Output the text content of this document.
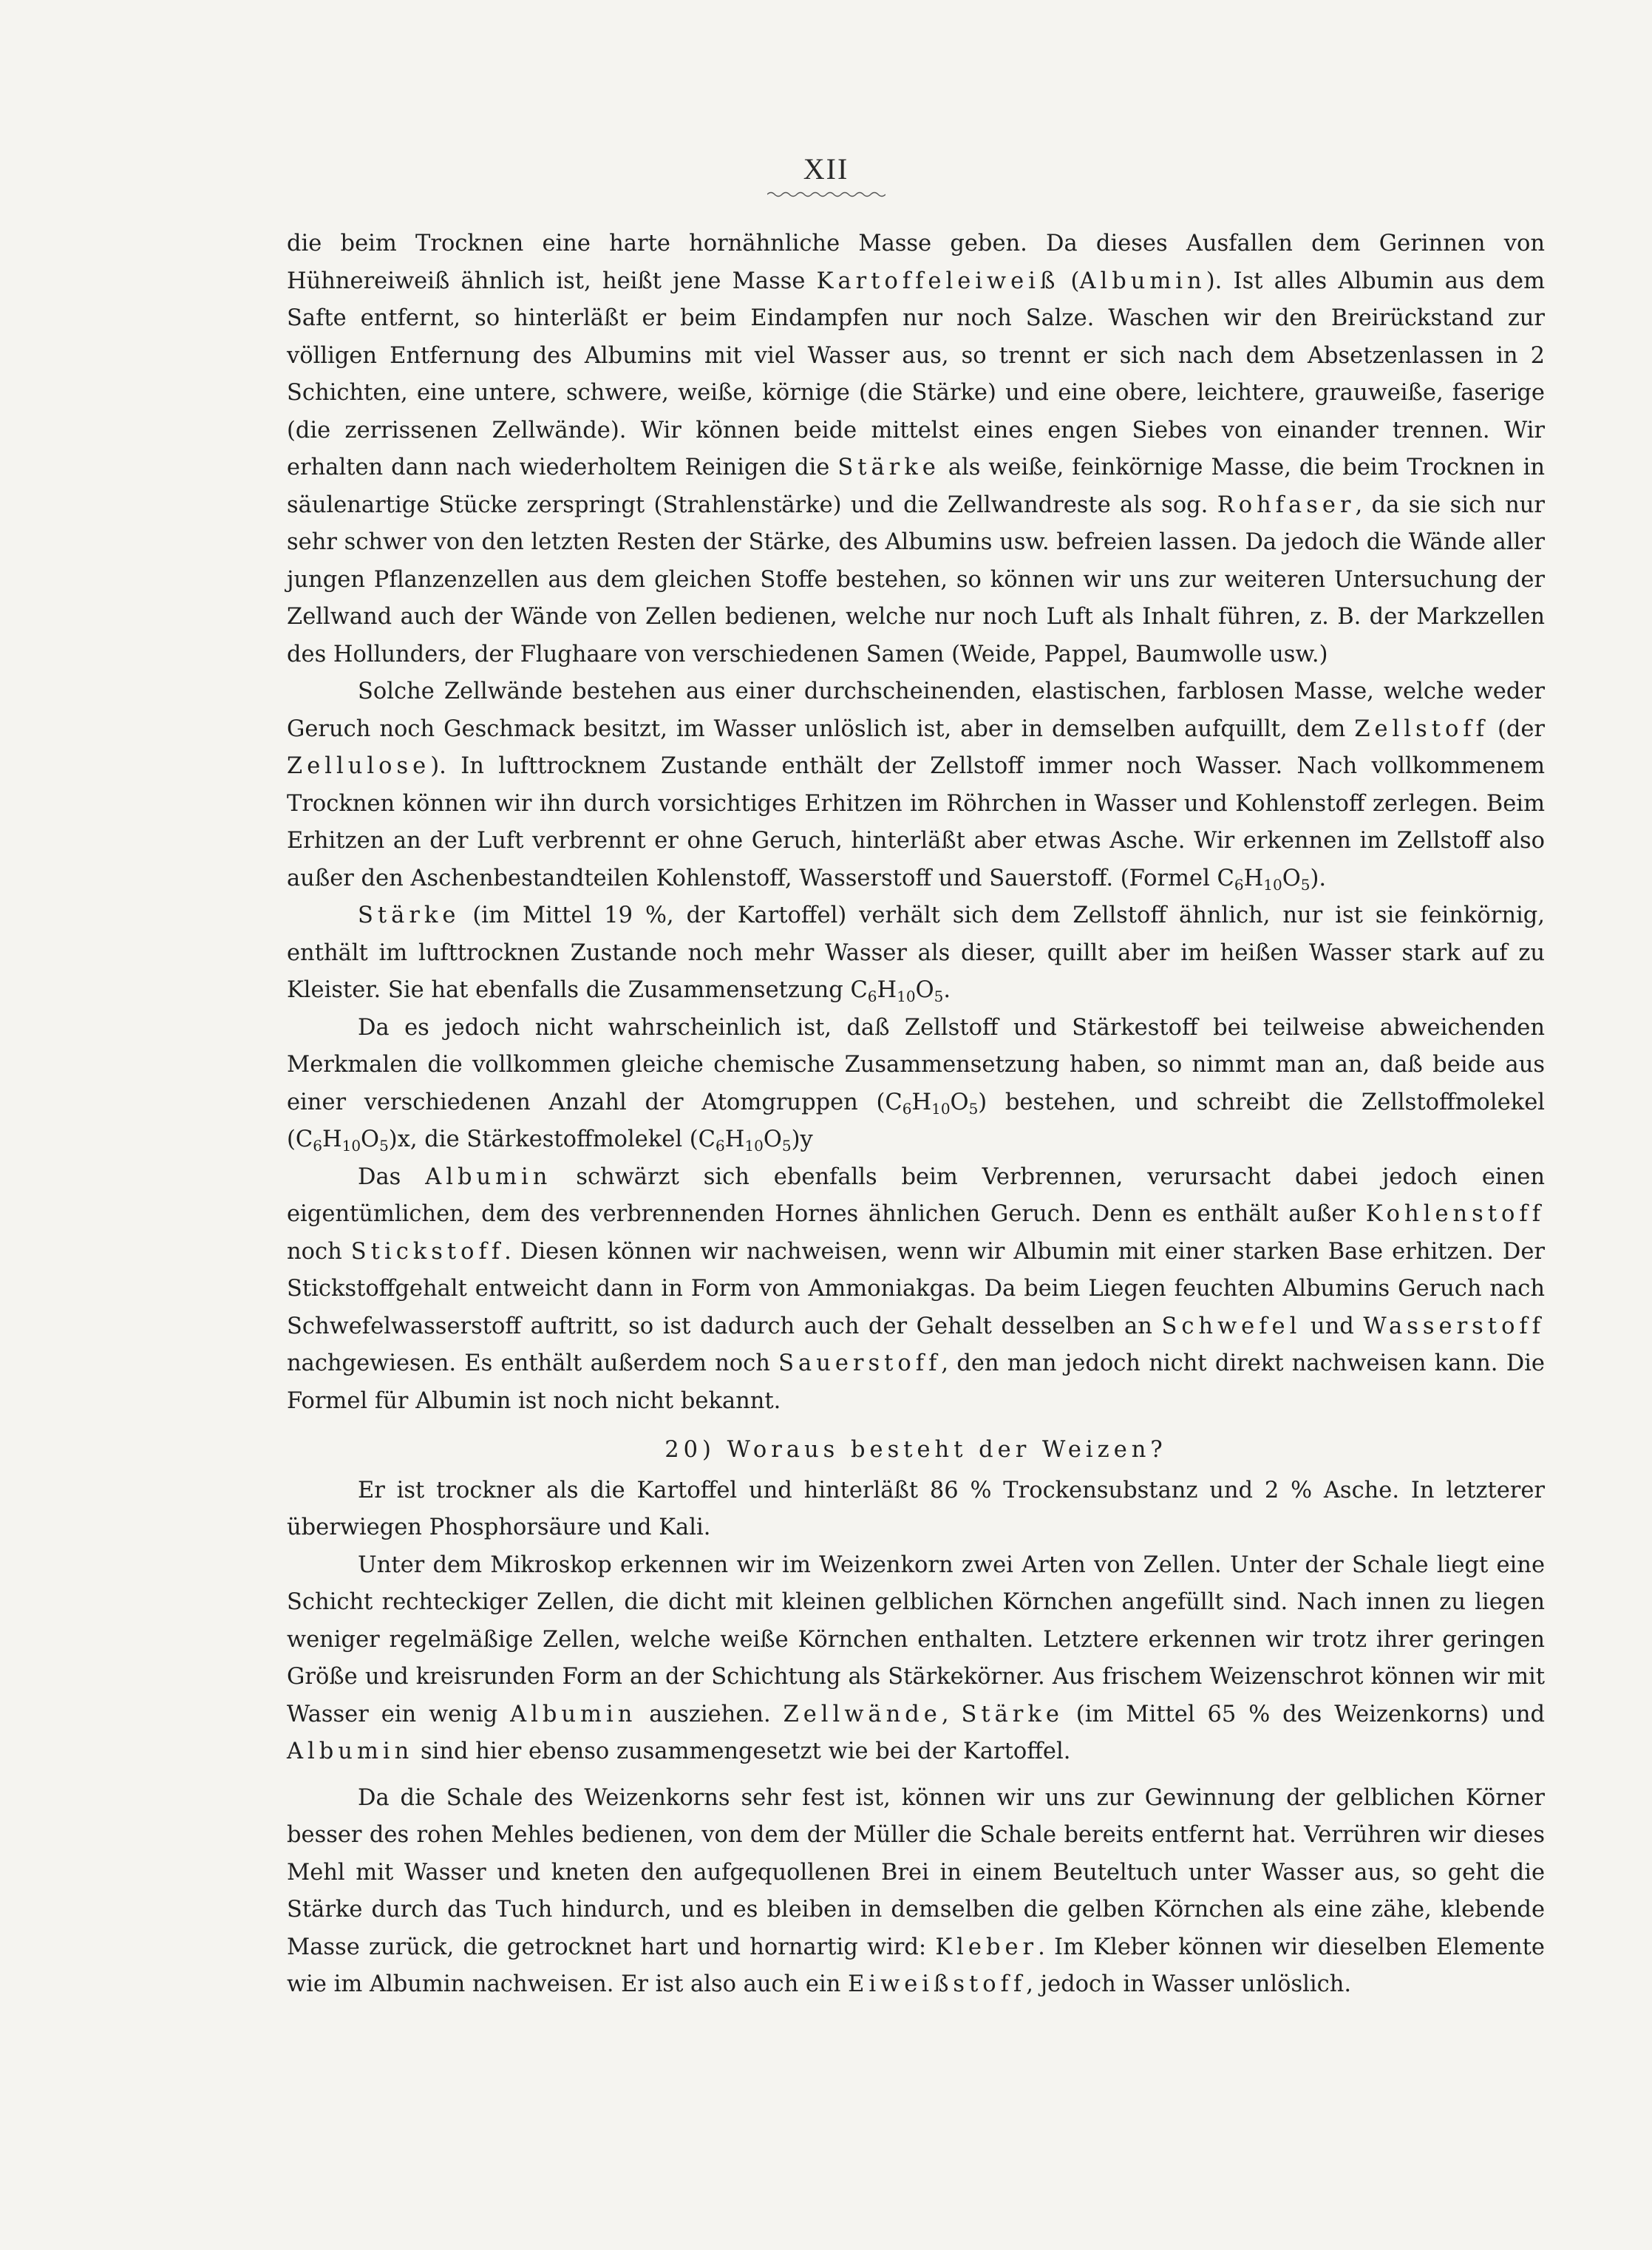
XII

die beim Trocknen eine harte hornähnliche Masse geben. Da dieses Ausfallen dem Gerinnen von Hühnereiweiß ähnlich ist, heißt jene Masse Kartoffeleiweiß (Albumin). Ist alles Albumin aus dem Safte entfernt, so hinterläßt er beim Eindampfen nur noch Salze. Waschen wir den Breirückstand zur völligen Entfernung des Albumins mit viel Wasser aus, so trennt er sich nach dem Absetzenlassen in 2 Schichten, eine untere, schwere, weiße, körnige (die Stärke) und eine obere, leichtere, grauweiße, faserige (die zerrissenen Zellwände). Wir können beide mittelst eines engen Siebes von einander trennen. Wir erhalten dann nach wiederholtem Reinigen die Stärke als weiße, feinkörnige Masse, die beim Trocknen in säulenartige Stücke zerspringt (Strahlenstärke) und die Zellwandreste als sog. Rohfaser, da sie sich nur sehr schwer von den letzten Resten der Stärke, des Albumins usw. befreien lassen. Da jedoch die Wände aller jungen Pflanzenzellen aus dem gleichen Stoffe bestehen, so können wir uns zur weiteren Untersuchung der Zellwand auch der Wände von Zellen bedienen, welche nur noch Luft als Inhalt führen, z. B. der Markzellen des Hollunders, der Flughaare von verschiedenen Samen (Weide, Pappel, Baumwolle usw.)

Solche Zellwände bestehen aus einer durchscheinenden, elastischen, farblosen Masse, welche weder Geruch noch Geschmack besitzt, im Wasser unlöslich ist, aber in demselben aufquillt, dem Zellstoff (der Zellulose). In lufttrocknem Zustande enthält der Zellstoff immer noch Wasser. Nach vollkommenem Trocknen können wir ihn durch vorsichtiges Erhitzen im Röhrchen in Wasser und Kohlenstoff zerlegen. Beim Erhitzen an der Luft verbrennt er ohne Geruch, hinterläßt aber etwas Asche. Wir erkennen im Zellstoff also außer den Aschenbestandteilen Kohlenstoff, Wasserstoff und Sauerstoff. (Formel $C_6H_{10}O_5$).

Stärke (im Mittel 19 %, der Kartoffel) verhält sich dem Zellstoff ähnlich, nur ist sie feinkörnig, enthält im lufttrocknen Zustande noch mehr Wasser als dieser, quillt aber im heißen Wasser stark auf zu Kleister. Sie hat ebenfalls die Zusammensetzung $C_6H_{10}O_5$.

Da es jedoch nicht wahrscheinlich ist, daß Zellstoff und Stärkestoff bei teilweise abweichenden Merkmalen die vollkommen gleiche chemische Zusammensetzung haben, so nimmt man an, daß beide aus einer verschiedenen Anzahl der Atomgruppen $(C_6H_{10}O_5)$ bestehen, und schreibt die Zellstoffmolekel $(C_6H_{10}O_5)x$, die Stärkestoffmolekel $(C_6H_{10}O_5)y$

Das Albumin schwärzt sich ebenfalls beim Verbrennen, verursacht dabei jedoch einen eigentümlichen, dem des verbrennenden Hornes ähnlichen Geruch. Denn es enthält außer Kohlenstoff noch Stickstoff. Diesen können wir nachweisen, wenn wir Albumin mit einer starken Base erhitzen. Der Stickstoffgehalt entweicht dann in Form von Ammoniakgas. Da beim Liegen feuchten Albumins Geruch nach Schwefelwasserstoff auftritt, so ist dadurch auch der Gehalt desselben an Schwefel und Wasserstoff nachgewiesen. Es enthält außerdem noch Sauerstoff, den man jedoch nicht direkt nachweisen kann. Die Formel für Albumin ist noch nicht bekannt.

20) Woraus besteht der Weizen?

Er ist trockner als die Kartoffel und hinterläßt 86 % Trockensubstanz und 2 % Asche. In letzterer überwiegen Phosphorsäure und Kali.

Unter dem Mikroskop erkennen wir im Weizenkorn zwei Arten von Zellen. Unter der Schale liegt eine Schicht rechteckiger Zellen, die dicht mit kleinen gelblichen Körnchen angefüllt sind. Nach innen zu liegen weniger regelmäßige Zellen, welche weiße Körnchen enthalten. Letztere erkennen wir trotz ihrer geringen Größe und kreisrunden Form an der Schichtung als Stärkekörner. Aus frischem Weizenschrot können wir mit Wasser ein wenig Albumin ausziehen. Zellwände, Stärke (im Mittel 65 % des Weizenkorns) und Albumin sind hier ebenso zusammengesetzt wie bei der Kartoffel.

Da die Schale des Weizenkorns sehr fest ist, können wir uns zur Gewinnung der gelblichen Körner besser des rohen Mehles bedienen, von dem der Müller die Schale bereits entfernt hat. Verrühren wir dieses Mehl mit Wasser und kneten den aufgequollenen Brei in einem Beuteltuch unter Wasser aus, so geht die Stärke durch das Tuch hindurch, und es bleiben in demselben die gelben Körnchen als eine zähe, klebende Masse zurück, die getrocknet hart und hornartig wird: Kleber. Im Kleber können wir dieselben Elemente wie im Albumin nachweisen. Er ist also auch ein Eiweißstoff, jedoch in Wasser unlöslich.
